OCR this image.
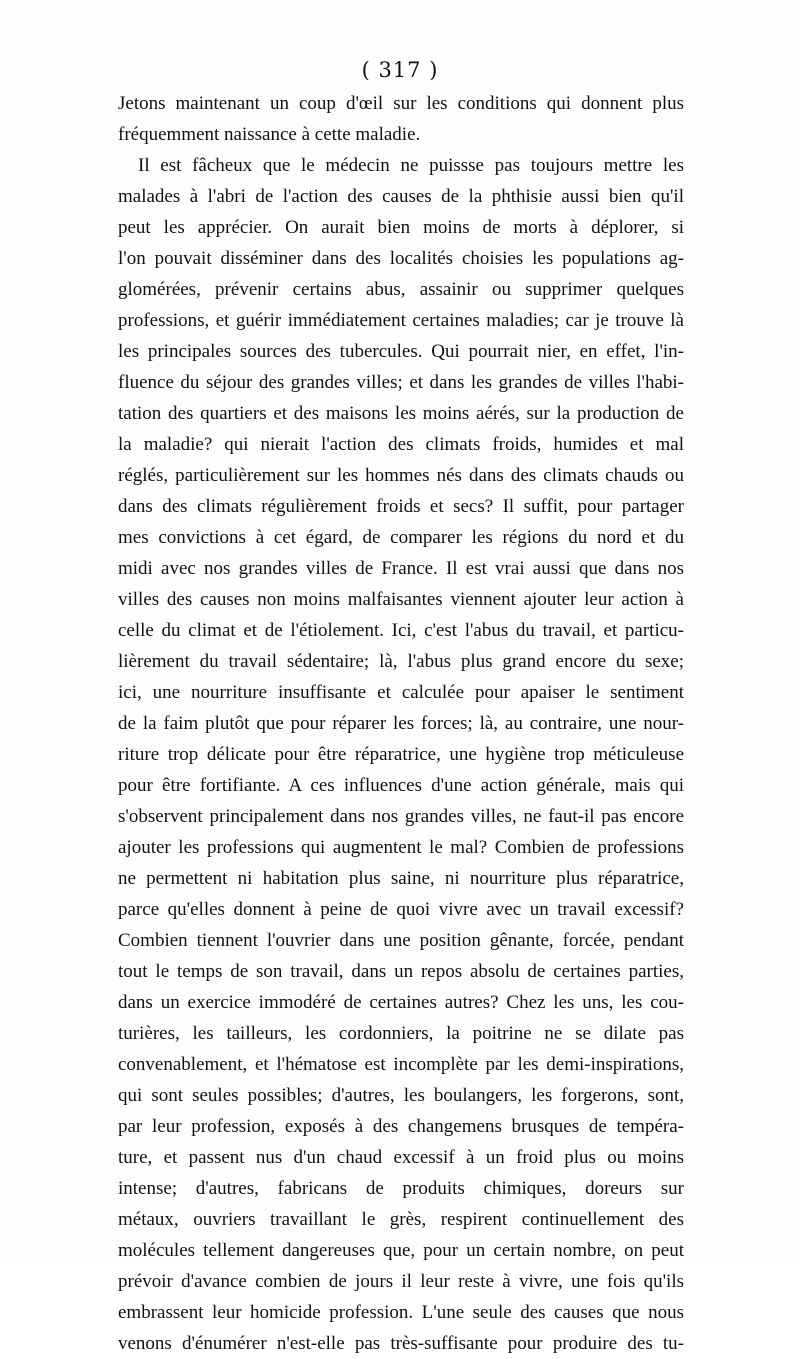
( 317 )
Jetons maintenant un coup d'œil sur les conditions qui donnent plus
fréquemment naissance à cette maladie.
Il est fâcheux que le médecin ne puissse pas toujours mettre les
malades à l'abri de l'action des causes de la phthisie aussi bien qu'il
peut les apprécier. On aurait bien moins de morts à déplorer, si
l'on pouvait disséminer dans des localités choisies les populations ag-
glomérées, prévenir certains abus, assainir ou supprimer quelques
professions, et guérir immédiatement certaines maladies; car je trouve là
les principales sources des tubercules. Qui pourrait nier, en effet, l'in-
fluence du séjour des grandes villes; et dans les grandes de villes l'habi-
tation des quartiers et des maisons les moins aérés, sur la production de
la maladie? qui nierait l'action des climats froids, humides et mal
réglés, particulièrement sur les hommes nés dans des climats chauds ou
dans des climats régulièrement froids et secs? Il suffit, pour partager
mes convictions à cet égard, de comparer les régions du nord et du
midi avec nos grandes villes de France. Il est vrai aussi que dans nos
villes des causes non moins malfaisantes viennent ajouter leur action à
celle du climat et de l'étiolement. Ici, c'est l'abus du travail, et particu-
lièrement du travail sédentaire; là, l'abus plus grand encore du sexe;
ici, une nourriture insuffisante et calculée pour apaiser le sentiment
de la faim plutôt que pour réparer les forces; là, au contraire, une nour-
riture trop délicate pour être réparatrice, une hygiène trop méticuleuse
pour être fortifiante. A ces influences d'une action générale, mais qui
s'observent principalement dans nos grandes villes, ne faut-il pas encore
ajouter les professions qui augmentent le mal? Combien de professions
ne permettent ni habitation plus saine, ni nourriture plus réparatrice,
parce qu'elles donnent à peine de quoi vivre avec un travail excessif?
Combien tiennent l'ouvrier dans une position gênante, forcée, pendant
tout le temps de son travail, dans un repos absolu de certaines parties,
dans un exercice immodéré de certaines autres? Chez les uns, les cou-
turières, les tailleurs, les cordonniers, la poitrine ne se dilate pas
convenablement, et l'hématose est incomplète par les demi-inspirations,
qui sont seules possibles; d'autres, les boulangers, les forgerons, sont,
par leur profession, exposés à des changemens brusques de tempéra-
ture, et passent nus d'un chaud excessif à un froid plus ou moins
intense; d'autres, fabricans de produits chimiques, doreurs sur
métaux, ouvriers travaillant le grès, respirent continuellement des
molécules tellement dangereuses que, pour un certain nombre, on peut
prévoir d'avance combien de jours il leur reste à vivre, une fois qu'ils
embrassent leur homicide profession. L'une seule des causes que nous
venons d'énumérer n'est-elle pas très-suffisante pour produire des tu-
